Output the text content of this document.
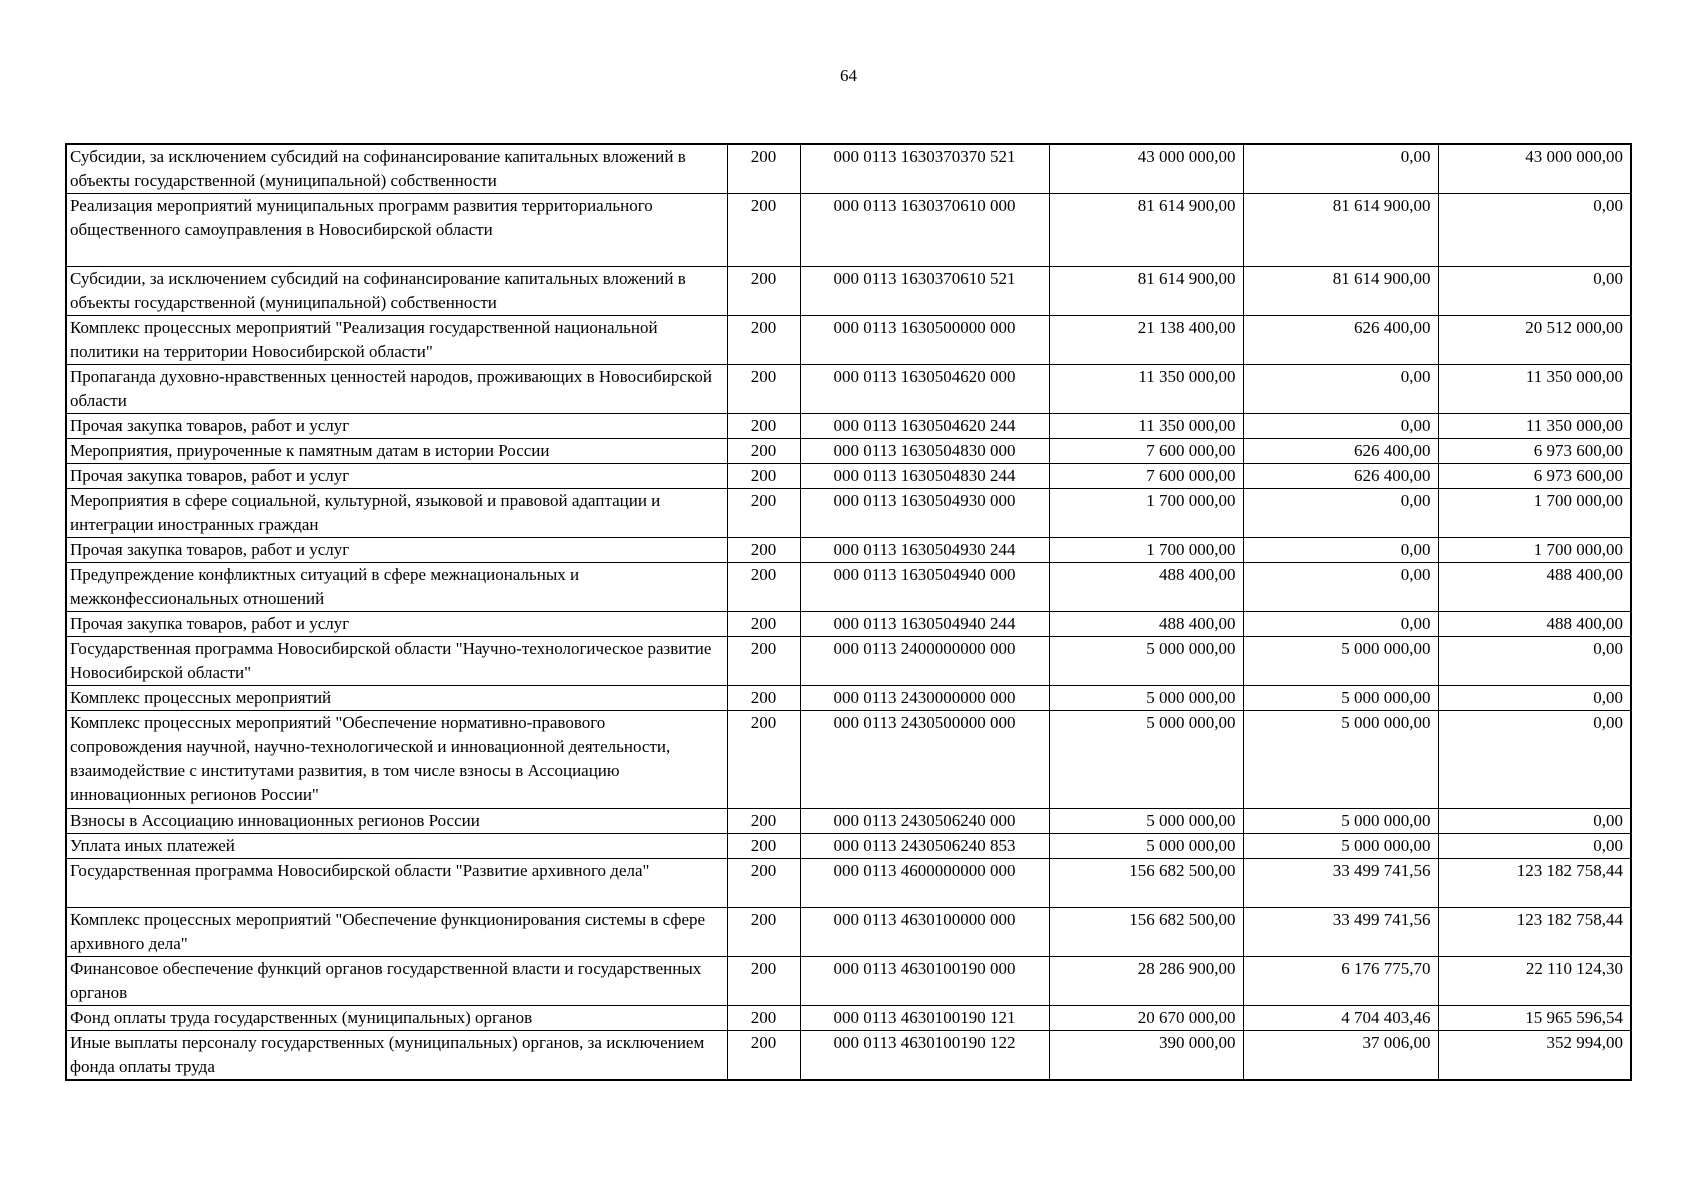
64
Субсидии, за исключением субсидий на софинансирование капитальных вложений в объекты государственной (муниципальной) собственности	200	000 0113 1630370370 521	43 000 000,00	0,00	43 000 000,00
Реализация мероприятий муниципальных программ развития территориального общественного самоуправления в Новосибирской области	200	000 0113 1630370610 000	81 614 900,00	81 614 900,00	0,00
Субсидии, за исключением субсидий на софинансирование капитальных вложений в объекты государственной (муниципальной) собственности	200	000 0113 1630370610 521	81 614 900,00	81 614 900,00	0,00
Комплекс процессных мероприятий "Реализация государственной национальной политики на территории Новосибирской области"	200	000 0113 1630500000 000	21 138 400,00	626 400,00	20 512 000,00
Пропаганда духовно-нравственных ценностей народов, проживающих в Новосибирской области	200	000 0113 1630504620 000	11 350 000,00	0,00	11 350 000,00
Прочая закупка товаров, работ и услуг	200	000 0113 1630504620 244	11 350 000,00	0,00	11 350 000,00
Мероприятия, приуроченные к памятным датам в истории России	200	000 0113 1630504830 000	7 600 000,00	626 400,00	6 973 600,00
Прочая закупка товаров, работ и услуг	200	000 0113 1630504830 244	7 600 000,00	626 400,00	6 973 600,00
Мероприятия в сфере социальной, культурной, языковой и правовой адаптации и интеграции иностранных граждан	200	000 0113 1630504930 000	1 700 000,00	0,00	1 700 000,00
Прочая закупка товаров, работ и услуг	200	000 0113 1630504930 244	1 700 000,00	0,00	1 700 000,00
Предупреждение конфликтных ситуаций в сфере межнациональных и межконфессиональных отношений	200	000 0113 1630504940 000	488 400,00	0,00	488 400,00
Прочая закупка товаров, работ и услуг	200	000 0113 1630504940 244	488 400,00	0,00	488 400,00
Государственная программа Новосибирской области "Научно-технологическое развитие Новосибирской области"	200	000 0113 2400000000 000	5 000 000,00	5 000 000,00	0,00
Комплекс процессных мероприятий	200	000 0113 2430000000 000	5 000 000,00	5 000 000,00	0,00
Комплекс процессных мероприятий "Обеспечение нормативно-правового сопровождения научной, научно-технологической и инновационной деятельности, взаимодействие с институтами развития, в том числе взносы в Ассоциацию инновационных регионов России"	200	000 0113 2430500000 000	5 000 000,00	5 000 000,00	0,00
Взносы в Ассоциацию инновационных регионов России	200	000 0113 2430506240 000	5 000 000,00	5 000 000,00	0,00
Уплата иных платежей	200	000 0113 2430506240 853	5 000 000,00	5 000 000,00	0,00
Государственная программа Новосибирской области "Развитие архивного дела"	200	000 0113 4600000000 000	156 682 500,00	33 499 741,56	123 182 758,44
Комплекс процессных мероприятий "Обеспечение функционирования системы в сфере архивного дела"	200	000 0113 4630100000 000	156 682 500,00	33 499 741,56	123 182 758,44
Финансовое обеспечение функций органов государственной власти и государственных органов	200	000 0113 4630100190 000	28 286 900,00	6 176 775,70	22 110 124,30
Фонд оплаты труда государственных (муниципальных) органов	200	000 0113 4630100190 121	20 670 000,00	4 704 403,46	15 965 596,54
Иные выплаты персоналу государственных (муниципальных) органов, за исключением фонда оплаты труда	200	000 0113 4630100190 122	390 000,00	37 006,00	352 994,00
